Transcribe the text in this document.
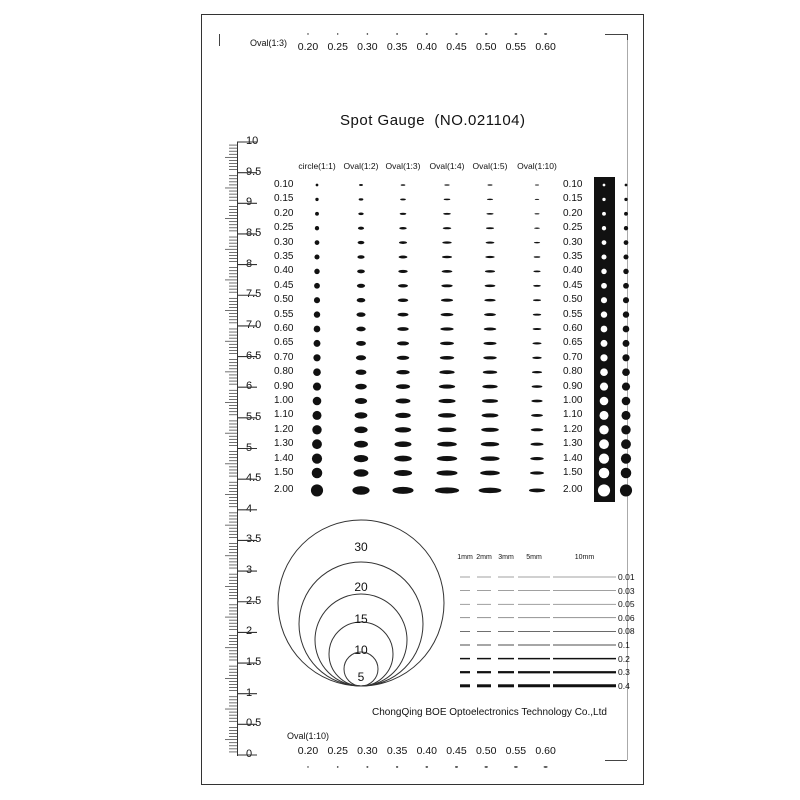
Oval(1:3) 0.20 0.25 0.30 0.35 0.40 0.45 0.50 0.55 0.60
Spot Gauge  (NO.021104)
10
9.5
9
8.5
8
7.5
7.0
6.5
6
5.5
5
4.5
4
3.5
3
2.5
2
1.5
1
0.5
0
circle(1:1) Oval(1:2) Oval(1:3) Oval(1:4) Oval(1:5) Oval(1:10)
0.10
0.15
0.20
0.25
0.30
0.35
0.40
0.45
0.50
0.55
0.60
0.65
0.70
0.80
0.90
1.00
1.10
1.20
1.30
1.40
1.50
2.00
0.10
0.15
0.20
0.25
0.30
0.35
0.40
0.45
0.50
0.55
0.60
0.65
0.70
0.80
0.90
1.00
1.10
1.20
1.30
1.40
1.50
2.00
30
20
15
10
5
1mm 2mm 3mm	5mm	10mm
0.01
0.03
0.05
0.06
0.08
0.1
0.2
0.3
0.4
ChongQing BOE Optoelectronics Technology Co.,Ltd
Oval(1:10)
0.20 0.25 0.30 0.35 0.40 0.45 0.50 0.55 0.60
